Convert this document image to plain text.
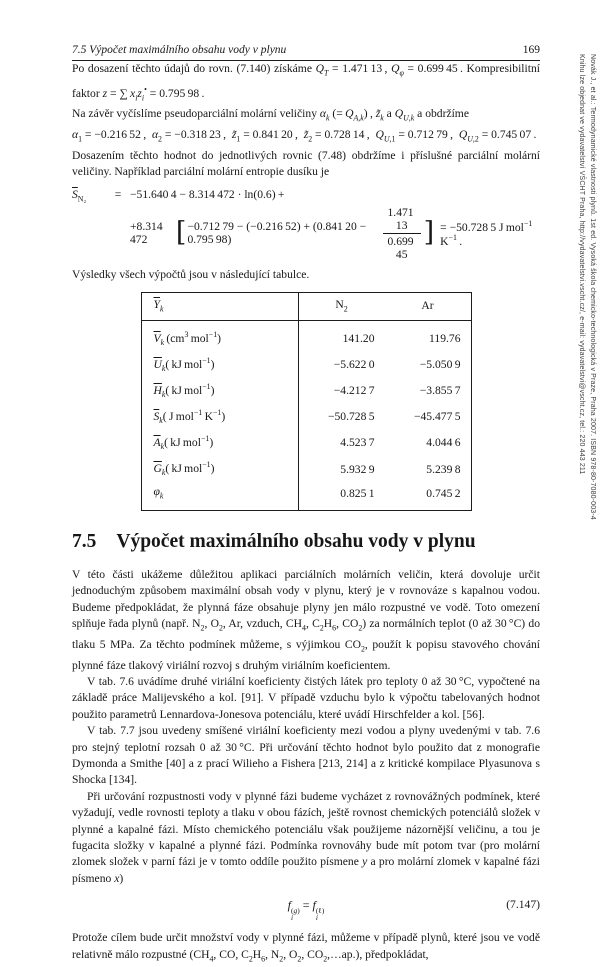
7.5 Výpočet maximálního obsahu vody v plynu	169

Po dosazení těchto údajů do rovn. (7.140) získáme $Q_T = 1.471$ 13 , $Q_\varphi = 0.699$ 45 . Kompresibilitní faktor z = ∑ $x_iz_i^• = 0.795$ 98 .

Na závěr vyčíslíme pseudoparciální molární veličiny $\alpha_k$ (= $Q_{A,k}$) , $z̃_k$ a $Q_{U,k}$ a obdržíme

$\alpha_1 = -0.216$ 52 ,  $\alpha_2 = -0.318$ 23 ,  $z̃_1 = 0.841$ 20 ,  $z̃_2 = 0.728$ 14 ,  $Q_{U,1} = 0.712$ 79 ,  $Q_{U,2} = 0.745$ 07 .

Dosazením těchto hodnot do jednotlivých rovnic (7.48) obdržíme i příslušné parciální molární veličiny. Například parciální molární entropie dusíku je

$\overline{S}_{N_2}$	= −51.640 4 − 8.314 472 · ln(0.6) +
+8.314 472	[ −0.712 79 − (−0.216 52) + (0.841 20 − 0.795 98)	$\frac{1.471 13}{0.699 45}$ ] = −50.728 5 J mol$^{-1}$ $K^{-1}$ .

Výsledky všech výpočtů jsou v následující tabulce.

$\overline{Y}_k$	$N_2$	Ar
$\overline{V}_k$ ($cm^3$ mol$^{-1}$)	141.20	119.76
$\overline{U}_k$( kJ mol$^{-1}$)	−5.622 0	−5.050 9
$\overline{H}_k$( kJ mol$^{-1}$)	−4.212 7	−3.855 7
$\overline{S}_k$( J mol$^{-1}$ $K^{-1}$)	−50.728 5	−45.477 5
$\overline{A}_k$( kJ mol$^{-1}$)	4.523 7	4.044 6
$\overline{G}_k$( kJ mol$^{-1}$)	5.932 9	5.239 8
$\varphi_k$	0.825 1	0.745 2
7.5 Výpočet maximálního obsahu vody v plynu

V této části ukážeme důležitou aplikaci parciálních molárních veličin, která dovoluje určit jednoduchým způsobem maximální obsah vody v plynu, který je v rovnováze s kapalnou vodou. Budeme předpokládat, že plynná fáze obsahuje plyny jen málo rozpustné ve vodě. Toto omezení splňuje řada plynů (např. $N_2$, $O_2$, Ar, vzduch, $CH_4$, $C_2H_6$, $CO_2$) za normálních teplot (0 až 30 °C) do tlaku 5 MPa. Za těchto podmínek můžeme, s výjimkou $CO_2$, použít k popisu stavového chování plynné fáze tlakový viriální rozvoj s druhým viriálním koeficientem.

V tab. 7.6 uvádíme druhé viriální koeficienty čistých látek pro teploty 0 až 30 °C, vypočtené na základě práce Malijevského a kol. [91]. V případě vzduchu bylo k výpočtu tabelovaných hodnot použito parametrů Lennardova-Jonesova potenciálu, které uvádí Hirschfelder a kol. [56].

V tab. 7.7 jsou uvedeny smíšené viriální koeficienty mezi vodou a plyny uvedenými v tab. 7.6 pro stejný teplotní rozsah 0 až 30 °C. Při určování těchto hodnot bylo použito dat z monografie Dymonda a Smithe [40] a z prací Wilieho a Fishera [213, 214] a z kritické kompilace Plyasunova s Shocka [134].

Při určování rozpustnosti vody v plynné fázi budeme vycházet z rovnovážných podmínek, které vyžadují, vedle rovnosti teploty a tlaku v obou fázích, ještě rovnost chemických potenciálů složek v plynné a kapalné fázi. Místo chemického potenciálu však použijeme názornější veličinu, a tou je fugacita složky v kapalné a plynné fázi. Podmínka rovnováhy bude mít potom tvar (pro molární zlomek složek v parní fázi je v tomto oddíle použito písmene y a pro molární zlomek v kapalné fázi písmeno x)

f (g)
i
= f (ℓ)
i
(7.147)

Protože cílem bude určit množství vody v plynné fázi, můžeme v případě plynů, které jsou ve vodě relativně málo rozpustné ($CH_4$, CO, $C_2H_6$, $N_2$, $O_2$, $CO_2,\dots ap$.), předpokládat,

Novák J., et al.: Termodynamické vlastnosti plynů. 1st ed. Vysoká škola chemicko-technologická v Praze, Praha 2007. ISBN 978-80-7080-003-4
Knihu lze objednat ve vydavatelství VŠCHT Praha, http://vydavatelstvi.vscht.cz/, e-mail: vydavatelstvi@vscht.cz, tel.: 220 443 211
